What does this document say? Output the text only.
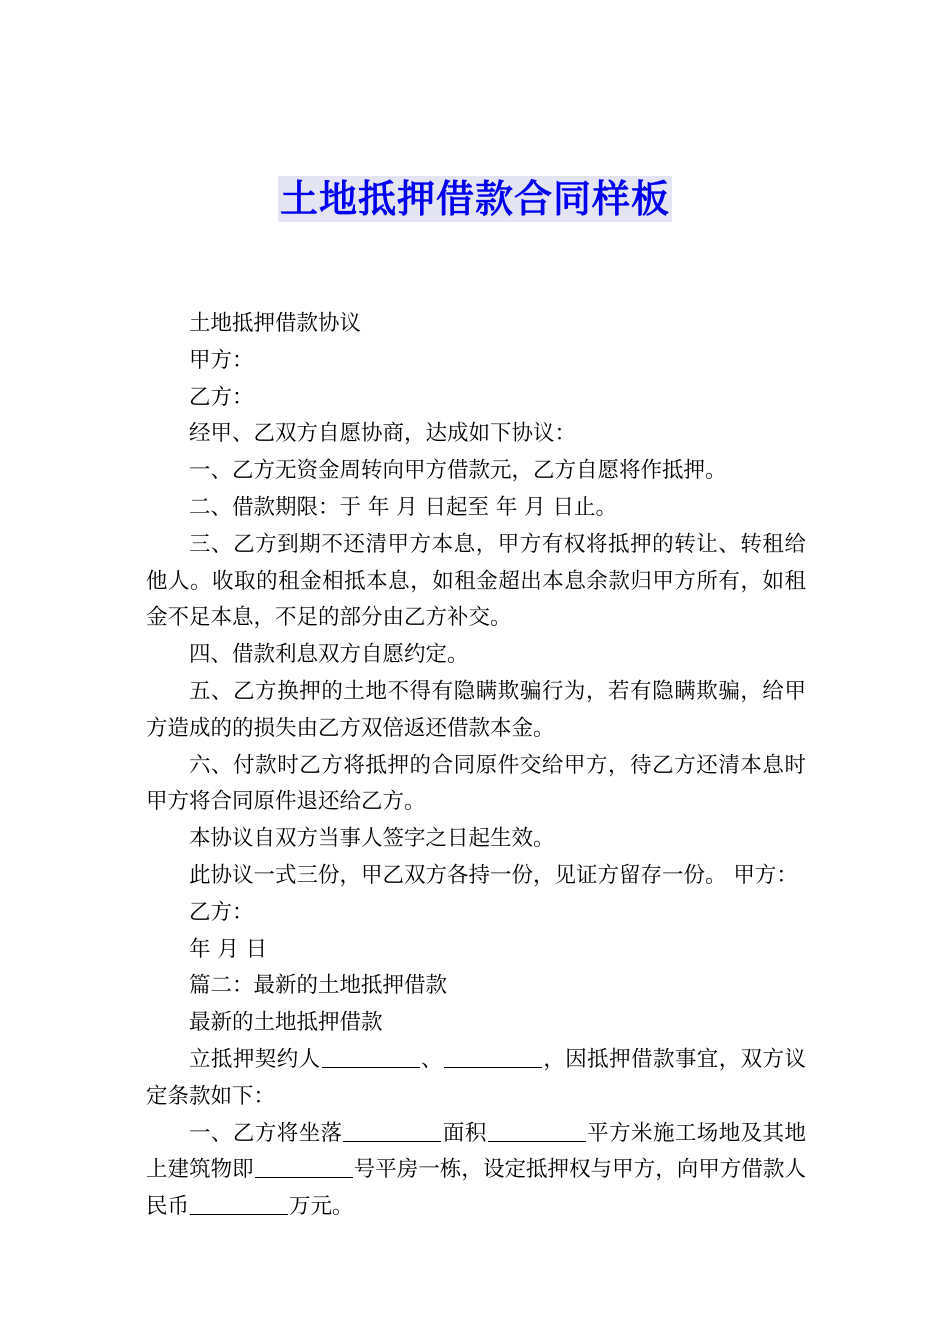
土地抵押借款合同样板

土地抵押借款协议

甲方：

乙方：

经甲、乙双方自愿协商，达成如下协议：

一、乙方无资金周转向甲方借款元，乙方自愿将作抵押。

二、借款期限：于 年 月 日起至 年 月 日止。

三、乙方到期不还清甲方本息，甲方有权将抵押的转让、转租给他人。收取的租金相抵本息，如租金超出本息余款归甲方所有，如租金不足本息，不足的部分由乙方补交。

四、借款利息双方自愿约定。

五、乙方换押的土地不得有隐瞒欺骗行为，若有隐瞒欺骗，给甲方造成的的损失由乙方双倍返还借款本金。

六、付款时乙方将抵押的合同原件交给甲方，待乙方还清本息时甲方将合同原件退还给乙方。

本协议自双方当事人签字之日起生效。

此协议一式三份，甲乙双方各持一份，见证方留存一份。 甲方：

乙方：

年 月 日

篇二：最新的土地抵押借款

最新的土地抵押借款

立抵押契约人	、	，因抵押借款事宜，双方议定条款如下：

一、乙方将坐落	面积	平方米施工场地及其地上建筑物即	号平房一栋，设定抵押权与甲方，向甲方借款人民币	万元。
